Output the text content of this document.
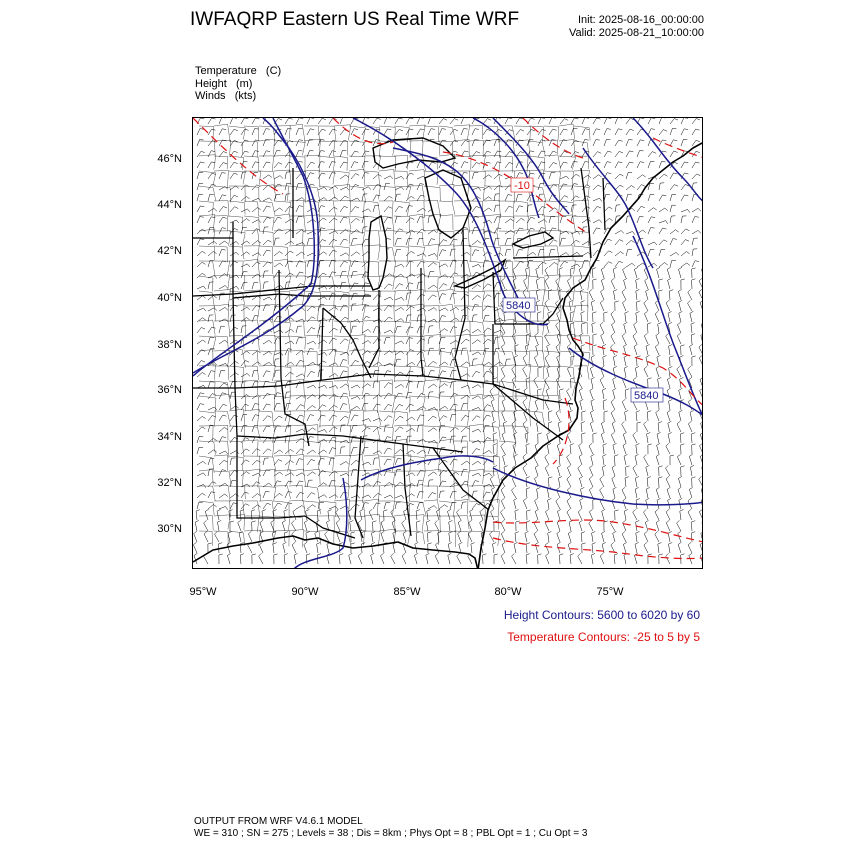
IWFAQRP Eastern US Real Time WRF	Init: 2025-08-16_00:00:00
Valid: 2025-08-21_10:00:00
Temperature   (C)
Height   (m)
Winds   (kts)
46°N
44°N
42°N
40°N
38°N
36°N
34°N
32°N
30°N
95°W	90°W	85°W	80°W	75°W
5840
5840
-10
Height Contours: 5600 to 6020 by 60
Temperature Contours: -25 to 5 by 5
OUTPUT FROM WRF V4.6.1 MODEL
WE = 310 ; SN = 275 ; Levels = 38 ; Dis = 8km ; Phys Opt = 8 ; PBL Opt = 1 ; Cu Opt = 3
